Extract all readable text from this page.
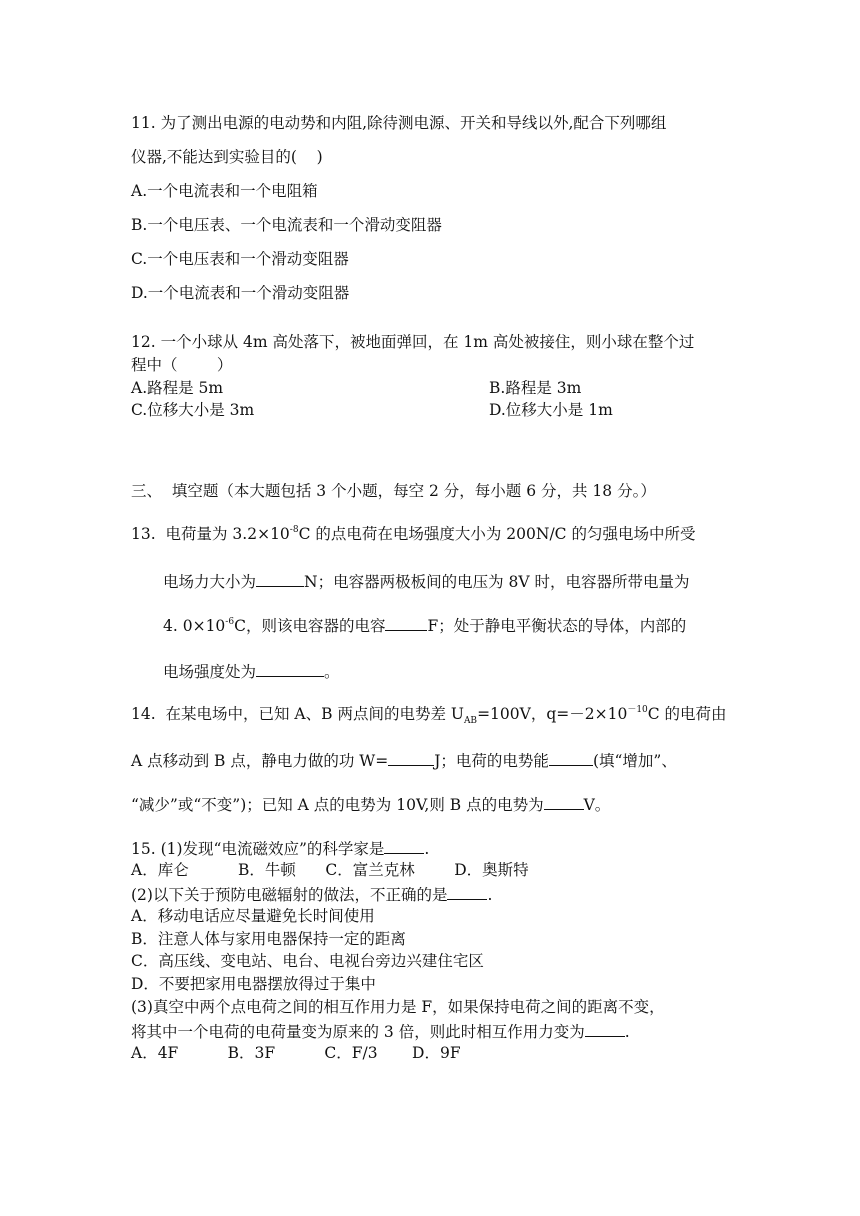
11. 为了测出电源的电动势和内阻,除待测电源、开关和导线以外,配合下列哪组
仪器,不能达到实验目的(    )
A.一个电流表和一个电阻箱
B.一个电压表、一个电流表和一个滑动变阻器
C.一个电压表和一个滑动变阻器
D.一个电流表和一个滑动变阻器
12. 一个小球从 4m 高处落下，被地面弹回，在 1m 高处被接住，则小球在整个过
程中（        ）
A.路程是 5m	B.路程是 3m
C.位移大小是 3m	D.位移大小是 1m
三、  填空题（本大题包括 3 个小题，每空 2 分，每小题 6 分，共 18 分。）
13.  电荷量为 $3.2\times 10^{-8}C$ 的点电荷在电场强度大小为 200N/C 的匀强电场中所受
电场力大小为	N；电容器两极板间的电压为 8V 时，电容器所带电量为
4. $0\times 10^{-6}C$，则该电容器的电容	F；处于静电平衡状态的导体，内部的
电场强度处为	。
14.  在某电场中，已知 A、B 两点间的电势差 $U_{AB}=100V$，$q=-2\times 10^{-10}C$ 的电荷由
A 点移动到 B 点，静电力做的功 W=	J；电荷的电势能	(填“增加”、
“减少”或“不变”)；已知 A 点的电势为 10V,则 B 点的电势为	V。
15. (1)发现“电流磁效应”的科学家是	.
A．库仑          B．牛顿      C．富兰克林        D．奥斯特
(2)以下关于预防电磁辐射的做法，不正确的是	.
A．移动电话应尽量避免长时间使用
B．注意人体与家用电器保持一定的距离
C．高压线、变电站、电台、电视台旁边兴建住宅区
D．不要把家用电器摆放得过于集中
(3)真空中两个点电荷之间的相互作用力是 F，如果保持电荷之间的距离不变，
将其中一个电荷的电荷量变为原来的 3 倍，则此时相互作用力变为	.
A．4F          B．3F          C．F/3       D．9F
